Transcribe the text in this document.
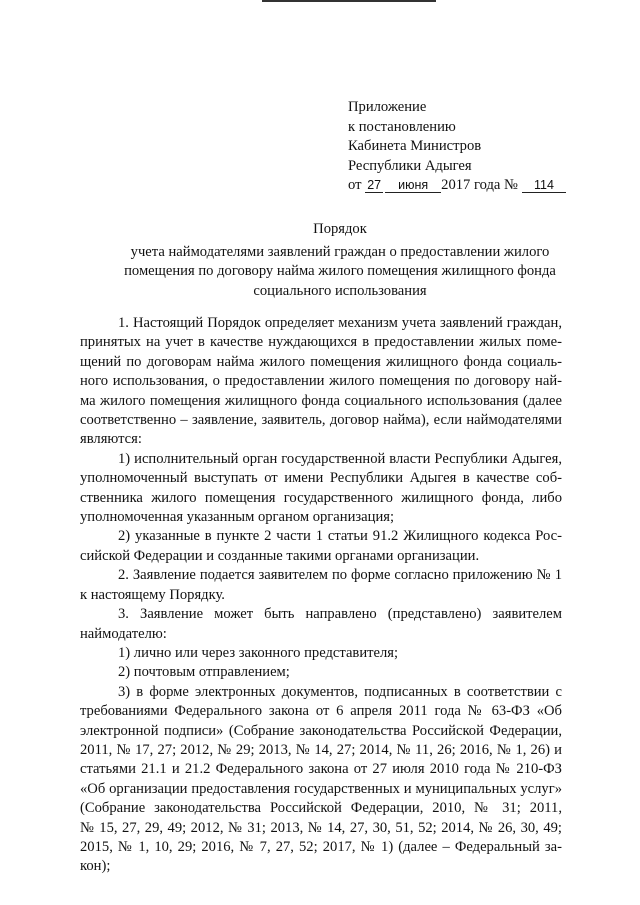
Приложение
к постановлению
Кабинета Министров
Республики Адыгея
от 27 июня 2017 года № 114
Порядок
учета наймодателями заявлений граждан о предоставлении жилого
помещения по договору найма жилого помещения жилищного фонда
социального использования

1. Настоящий Порядок определяет механизм учета заявлений граждан,

принятых на учет в качестве нуждающихся в предоставлении жилых поме-

щений по договорам найма жилого помещения жилищного фонда социаль-

ного использования, о предоставлении жилого помещения по договору най-

ма жилого помещения жилищного фонда социального использования (далее

соответственно – заявление, заявитель, договор найма), если наймодателями

являются:

1) исполнительный орган государственной власти Республики Адыгея,

уполномоченный выступать от имени Республики Адыгея в качестве соб-

ственника жилого помещения государственного жилищного фонда, либо

уполномоченная указанным органом организация;

2) указанные в пункте 2 части 1 статьи 91.2 Жилищного кодекса Рос-

сийской Федерации и созданные такими органами организации.

2. Заявление подается заявителем по форме согласно приложению № 1

к настоящему Порядку.

3. Заявление может быть направлено (представлено) заявителем

наймодателю:

1) лично или через законного представителя;

2) почтовым отправлением;

3) в форме электронных документов, подписанных в соответствии с

требованиями Федерального закона от 6 апреля 2011 года № 63-ФЗ «Об

электронной подписи» (Собрание законодательства Российской Федерации,

2011, № 17, 27; 2012, № 29; 2013, № 14, 27; 2014, № 11, 26; 2016, № 1, 26) и

статьями 21.1 и 21.2 Федерального закона от 27 июля 2010 года № 210-ФЗ

«Об организации предоставления государственных и муниципальных услуг»

(Собрание законодательства Российской Федерации, 2010, № 31; 2011,

№ 15, 27, 29, 49; 2012, № 31; 2013, № 14, 27, 30, 51, 52; 2014, № 26, 30, 49;

2015, № 1, 10, 29; 2016, № 7, 27, 52; 2017, № 1) (далее – Федеральный за-

кон);
